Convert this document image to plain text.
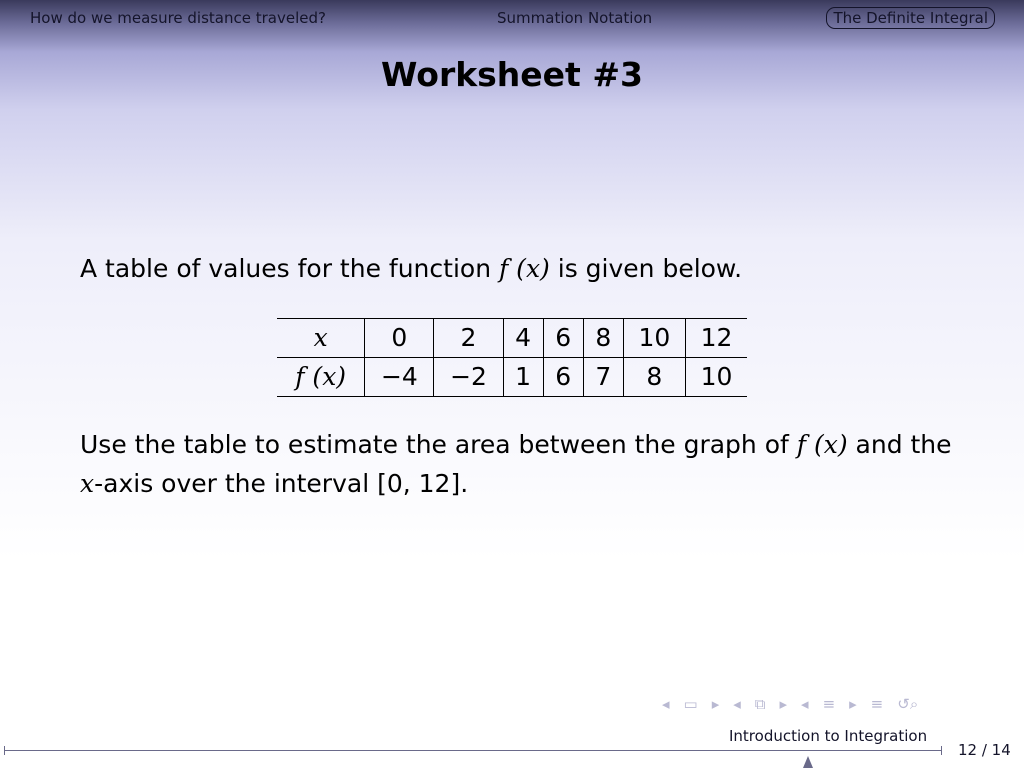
How do we measure distance traveled?	Summation Notation	The Definite Integral
Worksheet #3
A table of values for the function f (x) is given below.
x	0	2	4	6	8	10	12
f (x)	−4	−2	1	6	7	8	10
Use the table to estimate the area between the graph of f (x) and the x-axis over the interval [0, 12].
◂ ▭ ▸ ◂ ⧉ ▸ ◂ ≡ ▸ ≡ ↺⌕
Introduction to Integration
12 / 14
